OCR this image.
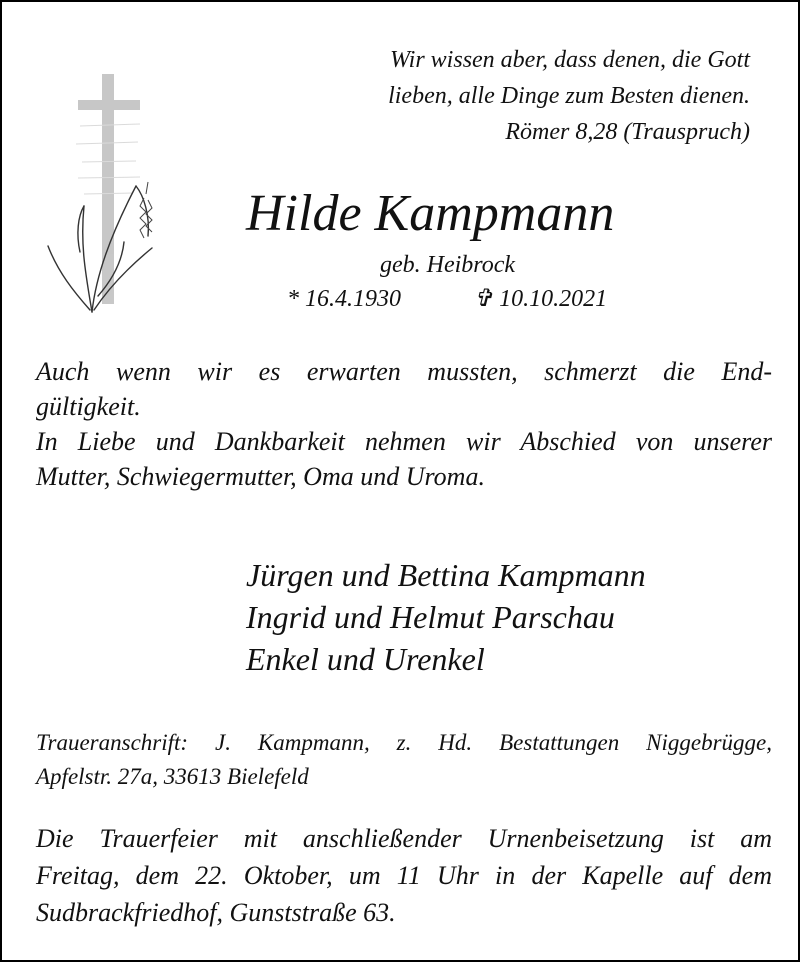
Wir wissen aber, dass denen, die Gott
lieben, alle Dinge zum Besten dienen.
Römer 8,28 (Trauspruch)
Hilde Kampmann
geb. Heibrock
* 16.4.1930	✞ 10.10.2021
Auch wenn wir es erwarten mussten, schmerzt die End-
gültigkeit.
In Liebe und Dankbarkeit nehmen wir Abschied von unserer
Mutter, Schwiegermutter, Oma und Uroma.
Jürgen und Bettina Kampmann
Ingrid und Helmut Parschau
Enkel und Urenkel
Traueranschrift: J. Kampmann, z. Hd. Bestattungen Niggebrügge,
Apfelstr. 27a, 33613 Bielefeld
Die Trauerfeier mit anschließender Urnenbeisetzung ist am
Freitag, dem 22. Oktober, um 11 Uhr in der Kapelle auf dem
Sudbrackfriedhof, Gunststraße 63.
